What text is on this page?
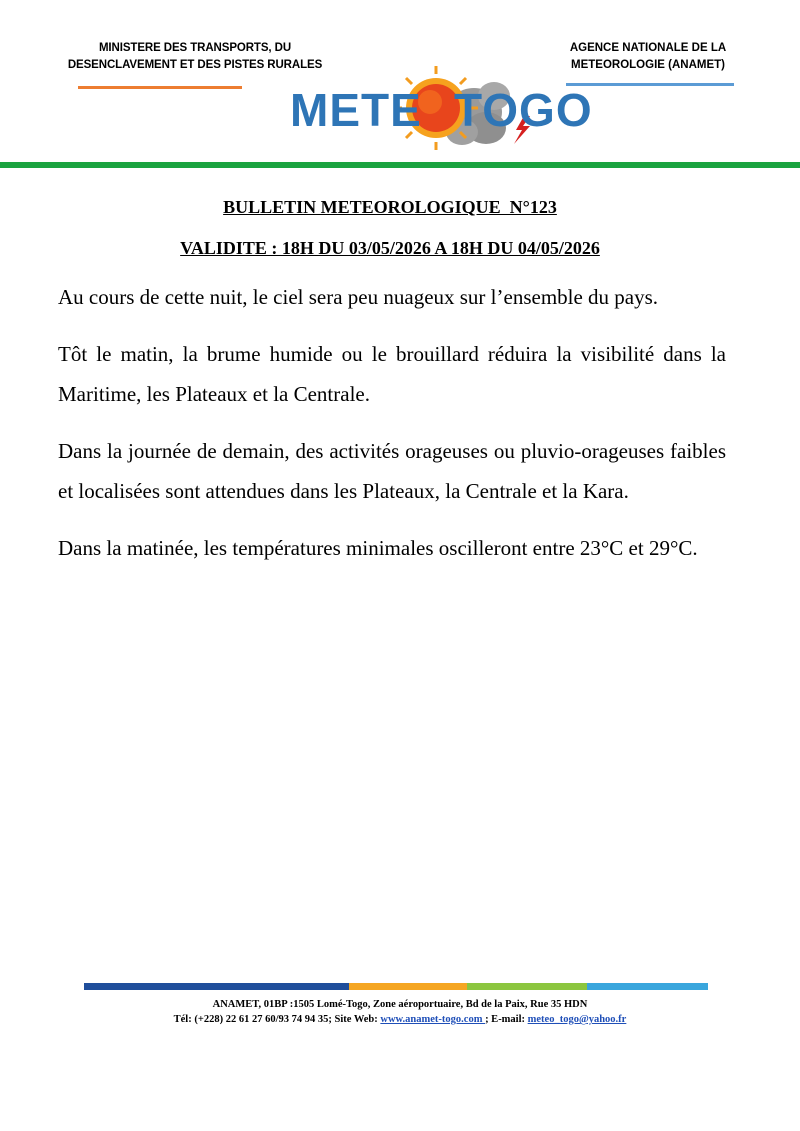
MINISTERE DES TRANSPORTS, DU
DESENCLAVEMENT ET DES PISTES RURALES
AGENCE NATIONALE DE LA
METEOROLOGIE (ANAMET)
METE TOGO
BULLETIN METEOROLOGIQUE  N°123
VALIDITE : 18H DU 03/05/2026 A 18H DU 04/05/2026

Au cours de cette nuit, le ciel sera peu nuageux sur l’ensemble du pays.

Tôt le matin, la brume humide ou le brouillard réduira la visibilité dans la Maritime, les Plateaux et la Centrale.

Dans la journée de demain, des activités orageuses ou pluvio-orageuses faibles et localisées sont attendues dans les Plateaux, la Centrale et la Kara.

Dans la matinée, les températures minimales oscilleront entre 23°C et 29°C.

ANAMET, 01BP :1505 Lomé-Togo, Zone aéroportuaire, Bd de la Paix, Rue 35 HDN
Tél: (+228) 22 61 27 60/93 74 94 35; Site Web: www.anamet-togo.com ; E-mail: meteo_togo@yahoo.fr
